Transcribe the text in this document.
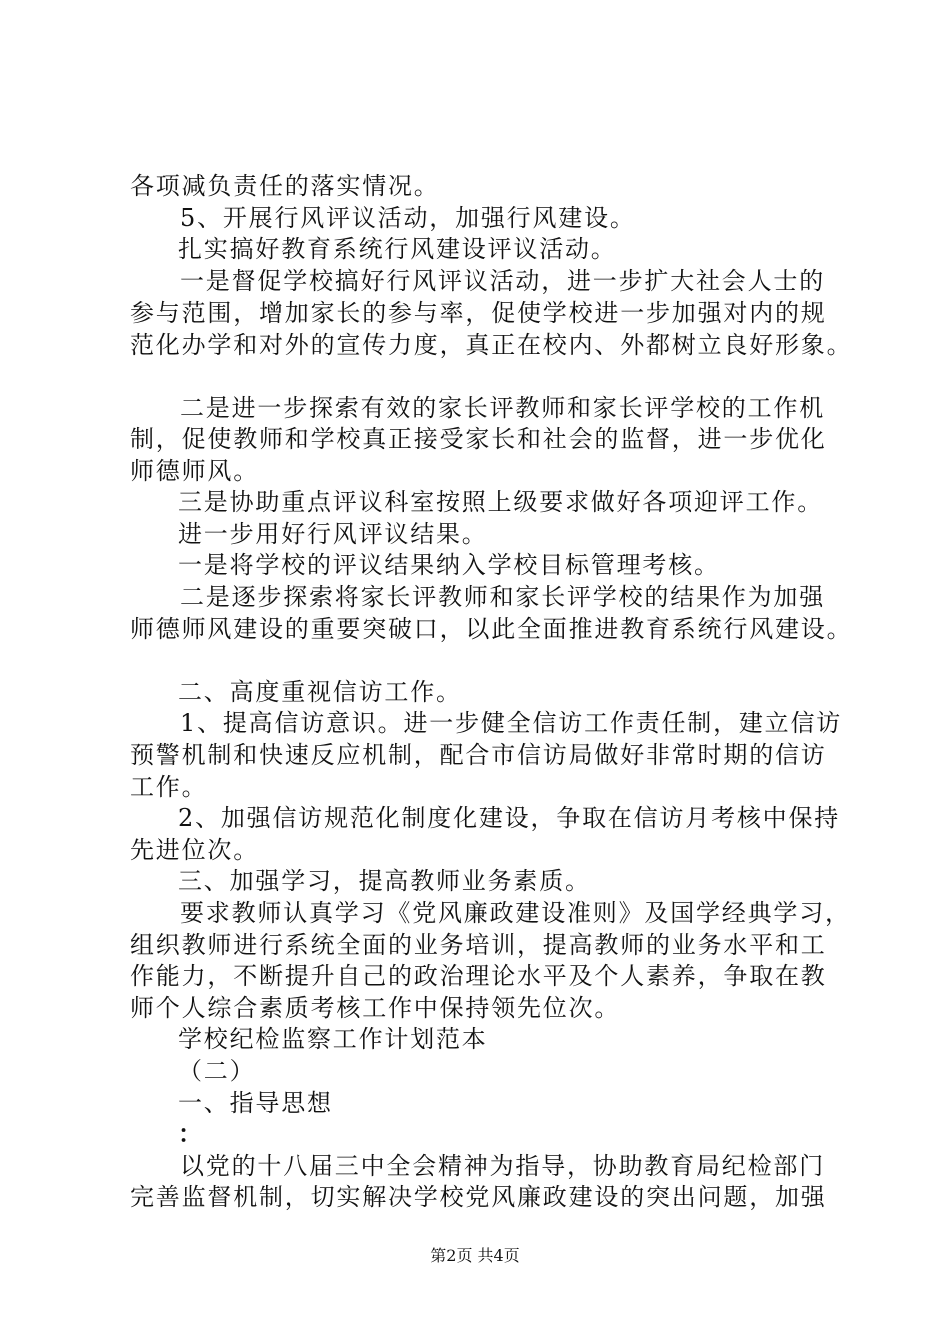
各项减负责任的落实情况。
5、开展行风评议活动，加强行风建设。
扎实搞好教育系统行风建设评议活动。
一是督促学校搞好行风评议活动，进一步扩大社会人士的
参与范围，增加家长的参与率，促使学校进一步加强对内的规
范化办学和对外的宣传力度，真正在校内、外都树立良好形象。
二是进一步探索有效的家长评教师和家长评学校的工作机
制，促使教师和学校真正接受家长和社会的监督，进一步优化
师德师风。
三是协助重点评议科室按照上级要求做好各项迎评工作。
进一步用好行风评议结果。
一是将学校的评议结果纳入学校目标管理考核。
二是逐步探索将家长评教师和家长评学校的结果作为加强
师德师风建设的重要突破口，以此全面推进教育系统行风建设。
二、高度重视信访工作。
1、提高信访意识。进一步健全信访工作责任制，建立信访
预警机制和快速反应机制，配合市信访局做好非常时期的信访
工作。
2、加强信访规范化制度化建设，争取在信访月考核中保持
先进位次。
三、加强学习，提高教师业务素质。
要求教师认真学习《党风廉政建设准则》及国学经典学习，
组织教师进行系统全面的业务培训，提高教师的业务水平和工
作能力，不断提升自己的政治理论水平及个人素养，争取在教
师个人综合素质考核工作中保持领先位次。
学校纪检监察工作计划范本
（二）
一、指导思想
：
以党的十八届三中全会精神为指导，协助教育局纪检部门
完善监督机制，切实解决学校党风廉政建设的突出问题，加强
第2页 共4页
